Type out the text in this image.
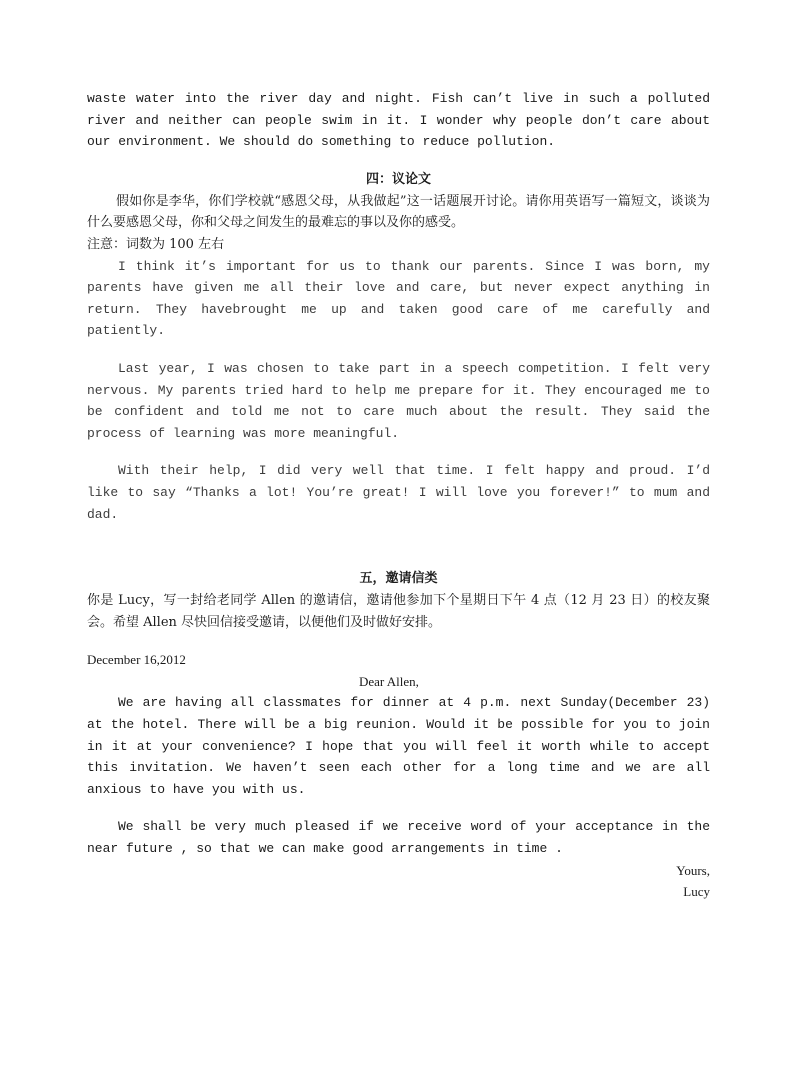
waste water into the river day and night. Fish can’t live in such a polluted river and neither can people swim in it. I wonder why people don’t care about our environment. We should do something to reduce pollution.

四：议论文

假如你是李华，你们学校就“感恩父母，从我做起”这一话题展开讨论。请你用英语写一篇短文，谈谈为什么要感恩父母，你和父母之间发生的最难忘的事以及你的感受。

注意：词数为 100 左右

I think it’s important for us to thank our parents. Since I was born, my parents have given me all their love and care, but never expect anything in return. They havebrought me up and taken good care of me carefully and patiently.

Last year, I was chosen to take part in a speech competition. I felt very nervous. My parents tried hard to help me prepare for it. They encouraged me to be confident and told me not to care much about the result. They said the process of learning was more meaningful.

With their help, I did very well that time. I felt happy and proud. I’d like to say “Thanks a lot! You’re great! I will love you forever!” to mum and dad.

五，邀请信类

你是 Lucy，写一封给老同学 Allen 的邀请信，邀请他参加下个星期日下午 4 点（12 月 23 日）的校友聚会。希望 Allen 尽快回信接受邀请，以便他们及时做好安排。

December 16,2012

Dear Allen,

We are having all classmates for dinner at 4 p.m. next Sunday(December 23) at the hotel. There will be a big reunion. Would it be possible for you to join in it at your convenience? I hope that you will feel it worth while to accept this invitation. We haven’t seen each other for a long time and we are all anxious to have you with us.

We shall be very much pleased if we receive word of your acceptance in the near future , so that we can make good arrangements in time .

Yours,

Lucy
